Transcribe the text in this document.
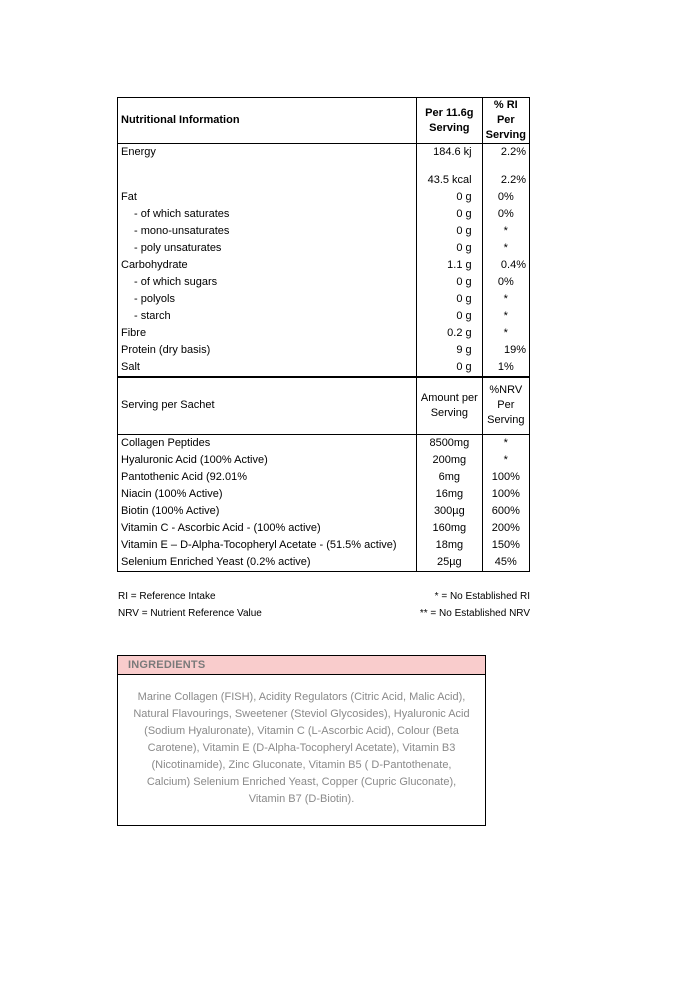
Nutritional Information	Per 11.6g Serving	% RI Per Serving
Energy	184.6 kj	2.2%
	43.5 kcal	2.2%
Fat	0 g	0%
- of which saturates	0 g	0%
- mono-unsaturates	0 g	*
- poly unsaturates	0 g	*
Carbohydrate	1.1 g	0.4%
- of which sugars	0 g	0%
- polyols	0 g	*
- starch	0 g	*
Fibre	0.2 g	*
Protein (dry basis)	9 g	19%
Salt	0 g	1%
Serving per Sachet	Amount per Serving	%NRV Per Serving
Collagen Peptides	8500mg	*
Hyaluronic Acid (100% Active)	200mg	*
Pantothenic Acid (92.01%	6mg	100%
Niacin (100% Active)	16mg	100%
Biotin (100% Active)	300µg	600%
Vitamin C - Ascorbic Acid - (100% active)	160mg	200%
Vitamin E – D-Alpha-Tocopheryl Acetate - (51.5% active)	18mg	150%
Selenium Enriched Yeast (0.2% active)	25µg	45%
RI = Reference Intake	* = No Established RI
NRV = Nutrient Reference Value	** = No Established NRV
INGREDIENTS
Marine Collagen (FISH), Acidity Regulators (Citric Acid, Malic Acid),
Natural Flavourings, Sweetener (Steviol Glycosides), Hyaluronic Acid
(Sodium Hyaluronate), Vitamin C (L-Ascorbic Acid), Colour (Beta
Carotene), Vitamin E (D-Alpha-Tocopheryl Acetate), Vitamin B3
(Nicotinamide), Zinc Gluconate, Vitamin B5 ( D-Pantothenate,
Calcium) Selenium Enriched Yeast, Copper (Cupric Gluconate),
Vitamin B7 (D-Biotin).
